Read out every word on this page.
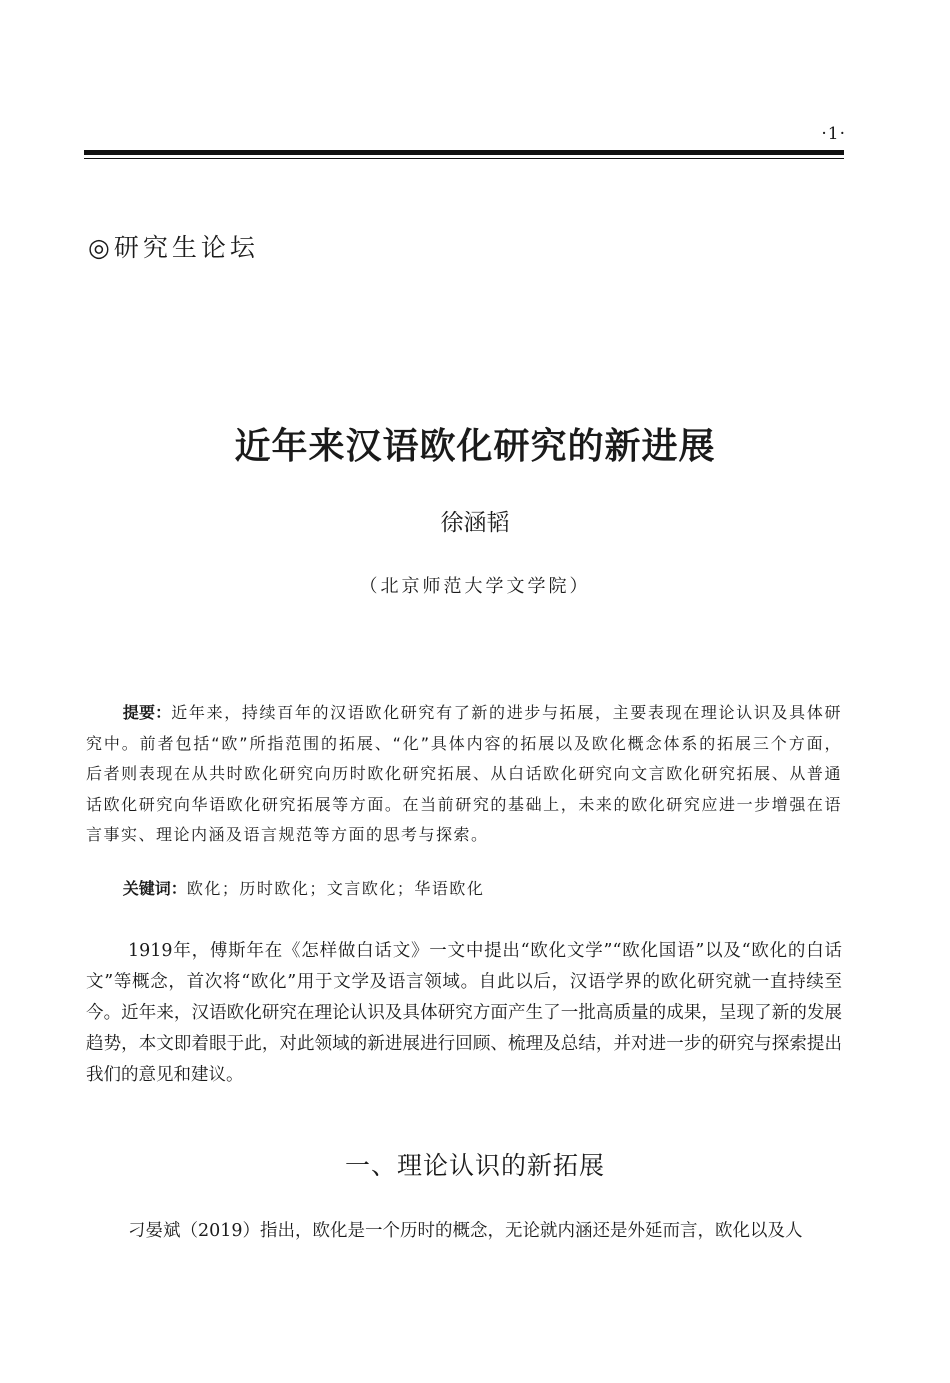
·1·
◎研究生论坛
近年来汉语欧化研究的新进展
徐涵韬
（北京师范大学文学院）
提要：近年来，持续百年的汉语欧化研究有了新的进步与拓展，主要表现在理论认识及具体研究中。前者包括“欧”所指范围的拓展、“化”具体内容的拓展以及欧化概念体系的拓展三个方面，后者则表现在从共时欧化研究向历时欧化研究拓展、从白话欧化研究向文言欧化研究拓展、从普通话欧化研究向华语欧化研究拓展等方面。在当前研究的基础上，未来的欧化研究应进一步增强在语言事实、理论内涵及语言规范等方面的思考与探索。
关键词：欧化；历时欧化；文言欧化；华语欧化
1919年，傅斯年在《怎样做白话文》一文中提出“欧化文学”“欧化国语”以及“欧化的白话文”等概念，首次将“欧化”用于文学及语言领域。自此以后，汉语学界的欧化研究就一直持续至今。近年来，汉语欧化研究在理论认识及具体研究方面产生了一批高质量的成果，呈现了新的发展趋势，本文即着眼于此，对此领域的新进展进行回顾、梳理及总结，并对进一步的研究与探索提出我们的意见和建议。
一、理论认识的新拓展
刁晏斌（2019）指出，欧化是一个历时的概念，无论就内涵还是外延而言，欧化以及人
